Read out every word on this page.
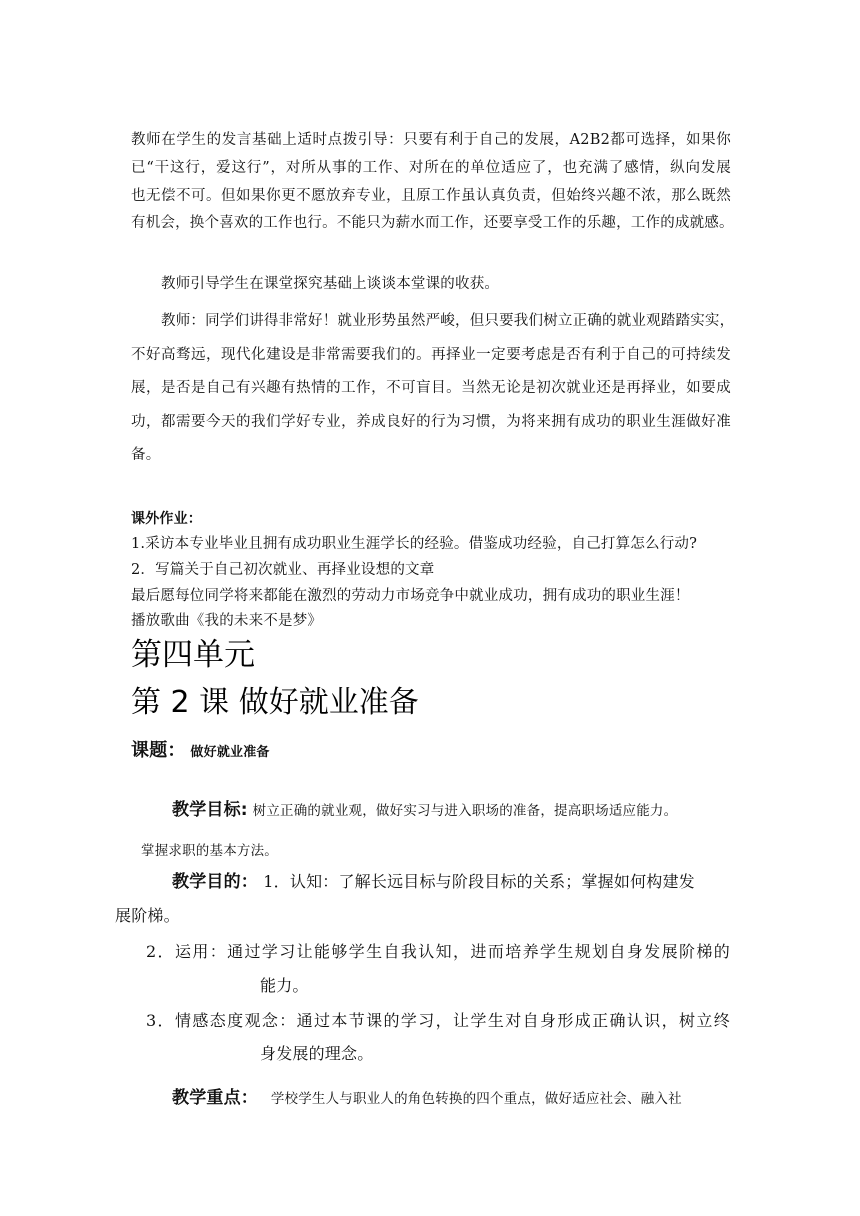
教师在学生的发言基础上适时点拨引导：只要有利于自己的发展，A2B2都可选择，如果你
已“干这行，爱这行”，对所从事的工作、对所在的单位适应了，也充满了感情，纵向发展
也无偿不可。但如果你更不愿放弃专业，且原工作虽认真负责，但始终兴趣不浓，那么既然
有机会，换个喜欢的工作也行。不能只为薪水而工作，还要享受工作的乐趣，工作的成就感。
教师引导学生在课堂探究基础上谈谈本堂课的收获。
教师：同学们讲得非常好！就业形势虽然严峻，但只要我们树立正确的就业观踏踏实实，
不好高骛远，现代化建设是非常需要我们的。再择业一定要考虑是否有利于自己的可持续发
展，是否是自己有兴趣有热情的工作，不可盲目。当然无论是初次就业还是再择业，如要成
功，都需要今天的我们学好专业，养成良好的行为习惯，为将来拥有成功的职业生涯做好准
备。
课外作业：
1.采访本专业毕业且拥有成功职业生涯学长的经验。借鉴成功经验，自己打算怎么行动?
2．写篇关于自己初次就业、再择业设想的文章
最后愿每位同学将来都能在激烈的劳动力市场竞争中就业成功，拥有成功的职业生涯！
播放歌曲《我的未来不是梦》
第四单元
第 2 课 做好就业准备
课题： 做好就业准备
教学目标: 树立正确的就业观，做好实习与进入职场的准备，提高职场适应能力。
掌握求职的基本方法。
教学目的： 1．认知：了解长远目标与阶段目标的关系；掌握如何构建发
展阶梯。
2．运用：通过学习让能够学生自我认知，进而培养学生规划自身发展阶梯的
能力。
3．情感态度观念：通过本节课的学习，让学生对自身形成正确认识，树立终
身发展的理念。
教学重点： 学校学生人与职业人的角色转换的四个重点，做好适应社会、融入社
